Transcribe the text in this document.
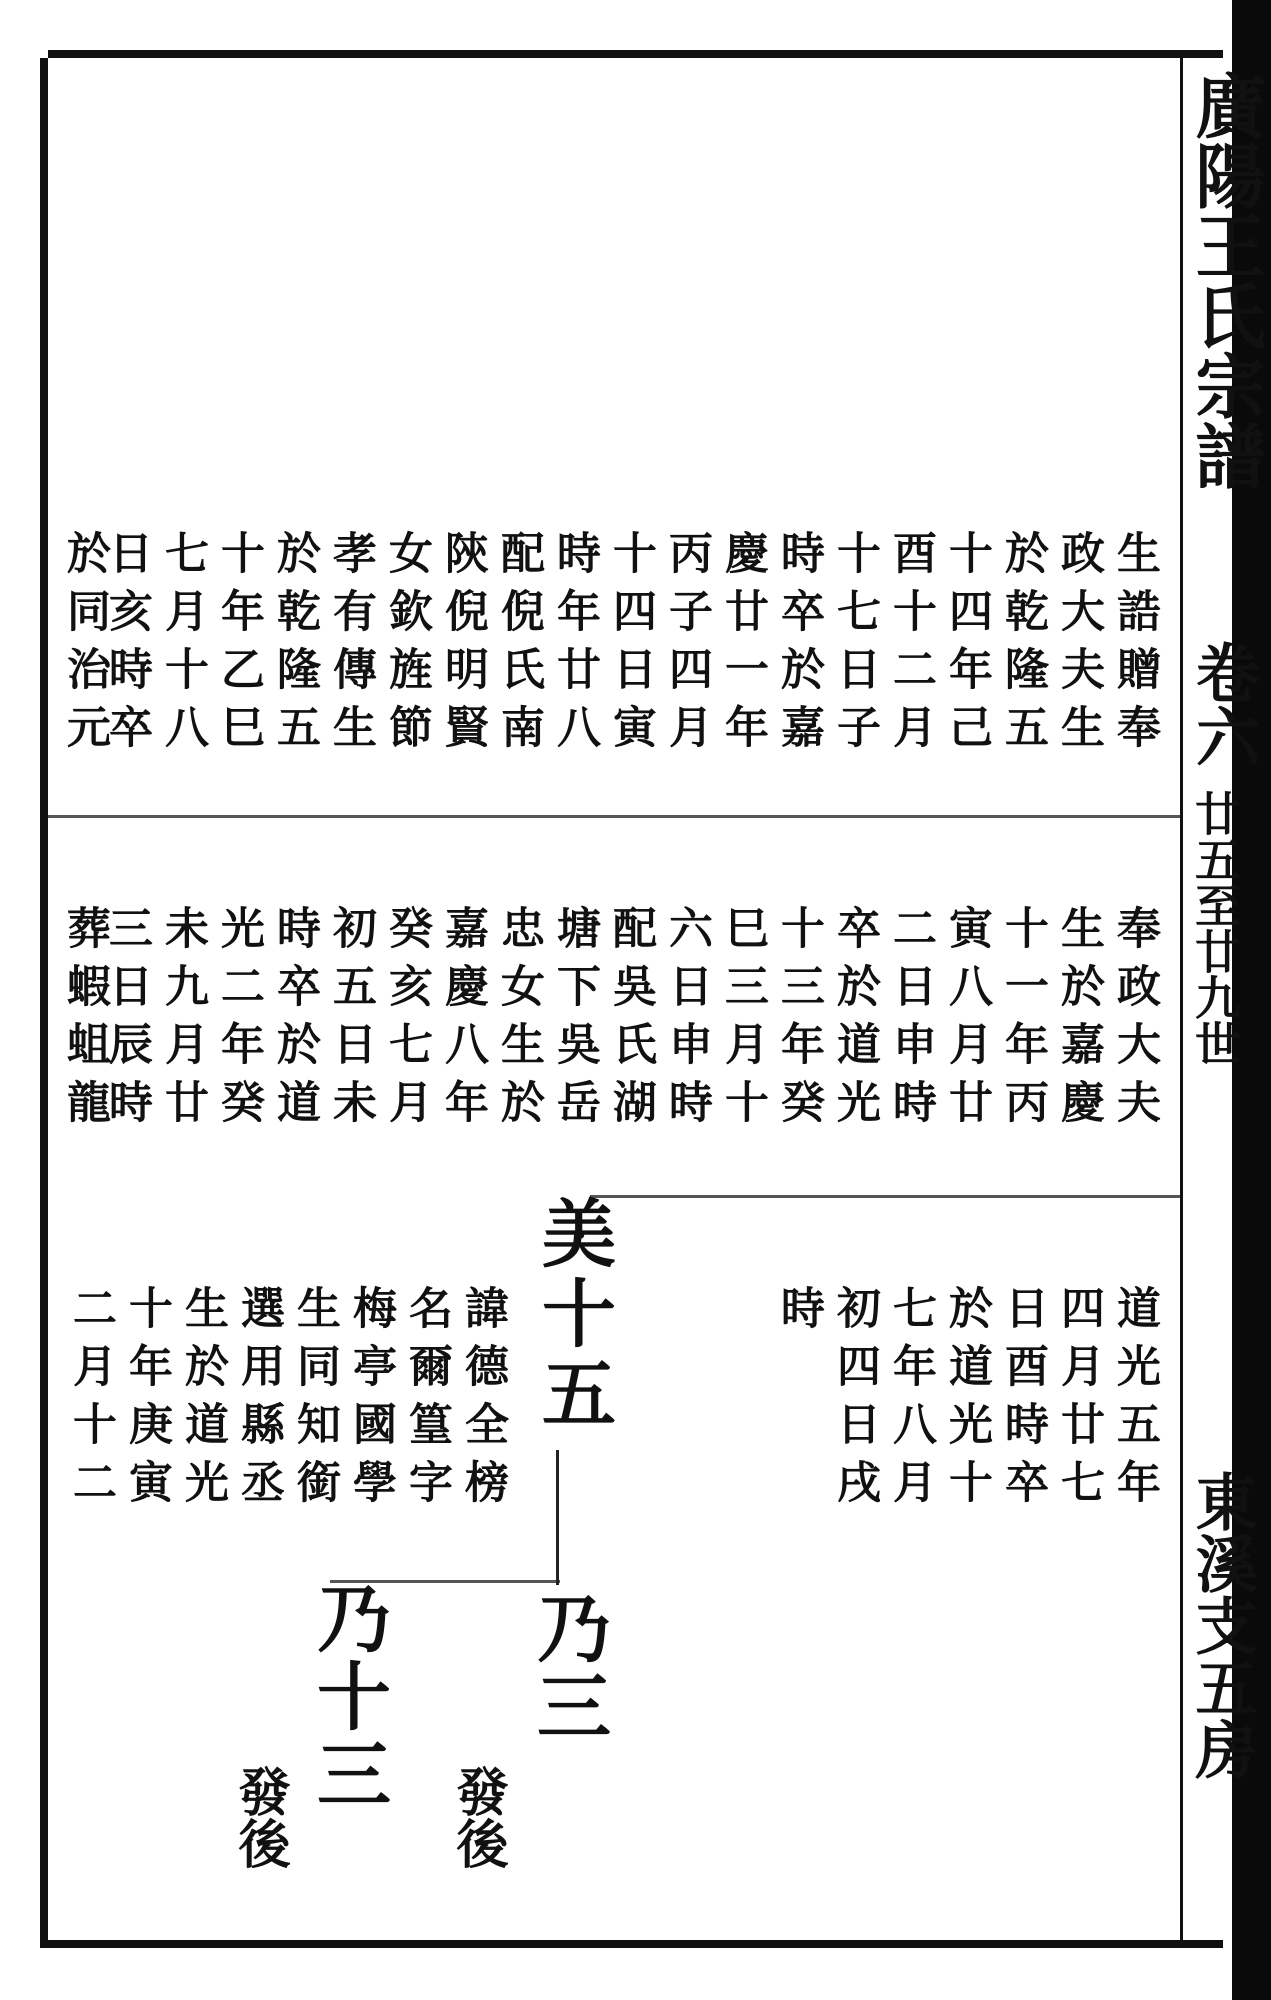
廣陽王氏宗譜
卷六
廿五至廿九世
東溪支五房
生誥贈奉
政大夫生
於乾隆五
十四年己
酉十二月
十七日子
時卒於嘉
慶廿一年
丙子四月
十四日寅
時年廿八
配倪氏南
陝倪明賢
女欽旌節
孝有傳生
於乾隆五
十年乙巳
七月十八
日亥時卒
於同治元
奉政大夫
生於嘉慶
十一年丙
寅八月廿
二日申時
卒於道光
十三年癸
巳三月十
六日申時
配吳氏湖
塘下吳岳
忠女生於
嘉慶八年
癸亥七月
初五日未
時卒於道
光二年癸
未九月廿
三日辰時
葬蝦蛆龍
道光五年
四月廿七
日酉時卒
於道光十
七年八月
初四日戌
時
諱德全榜
名爾篁字
梅亭國學
生同知銜
選用縣丞
生於道光
十年庚寅
二月十二	美十五
乃三
乃十三
發後
發後
